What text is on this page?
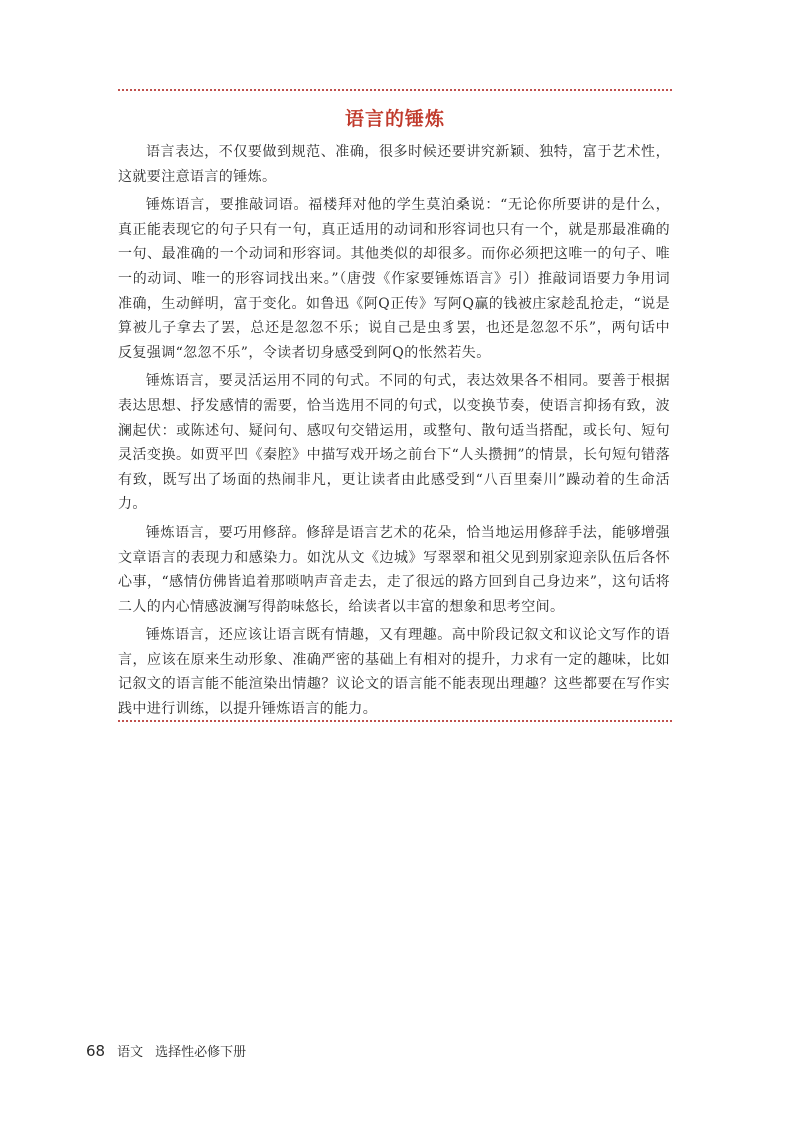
语言的锤炼

语言表达，不仅要做到规范、准确，很多时候还要讲究新颖、独特，富于艺术性，这就要注意语言的锤炼。

锤炼语言，要推敲词语。福楼拜对他的学生莫泊桑说：“无论你所要讲的是什么，真正能表现它的句子只有一句，真正适用的动词和形容词也只有一个，就是那最准确的一句、最准确的一个动词和形容词。其他类似的却很多。而你必须把这唯一的句子、唯一的动词、唯一的形容词找出来。”（唐弢《作家要锤炼语言》引）推敲词语要力争用词准确，生动鲜明，富于变化。如鲁迅《阿Q正传》写阿Q赢的钱被庄家趁乱抢走，“说是算被儿子拿去了罢，总还是忽忽不乐；说自己是虫豸罢，也还是忽忽不乐”，两句话中反复强调“忽忽不乐”，令读者切身感受到阿Q的怅然若失。

锤炼语言，要灵活运用不同的句式。不同的句式，表达效果各不相同。要善于根据表达思想、抒发感情的需要，恰当选用不同的句式，以变换节奏，使语言抑扬有致，波澜起伏：或陈述句、疑问句、感叹句交错运用，或整句、散句适当搭配，或长句、短句灵活变换。如贾平凹《秦腔》中描写戏开场之前台下“人头攒拥”的情景，长句短句错落有致，既写出了场面的热闹非凡，更让读者由此感受到“八百里秦川”躁动着的生命活力。

锤炼语言，要巧用修辞。修辞是语言艺术的花朵，恰当地运用修辞手法，能够增强文章语言的表现力和感染力。如沈从文《边城》写翠翠和祖父见到别家迎亲队伍后各怀心事，“感情仿佛皆追着那唢呐声音走去，走了很远的路方回到自己身边来”，这句话将二人的内心情感波澜写得韵味悠长，给读者以丰富的想象和思考空间。

锤炼语言，还应该让语言既有情趣，又有理趣。高中阶段记叙文和议论文写作的语言，应该在原来生动形象、准确严密的基础上有相对的提升，力求有一定的趣味，比如记叙文的语言能不能渲染出情趣？议论文的语言能不能表现出理趣？这些都要在写作实践中进行训练，以提升锤炼语言的能力。

68 语文 选择性必修下册
